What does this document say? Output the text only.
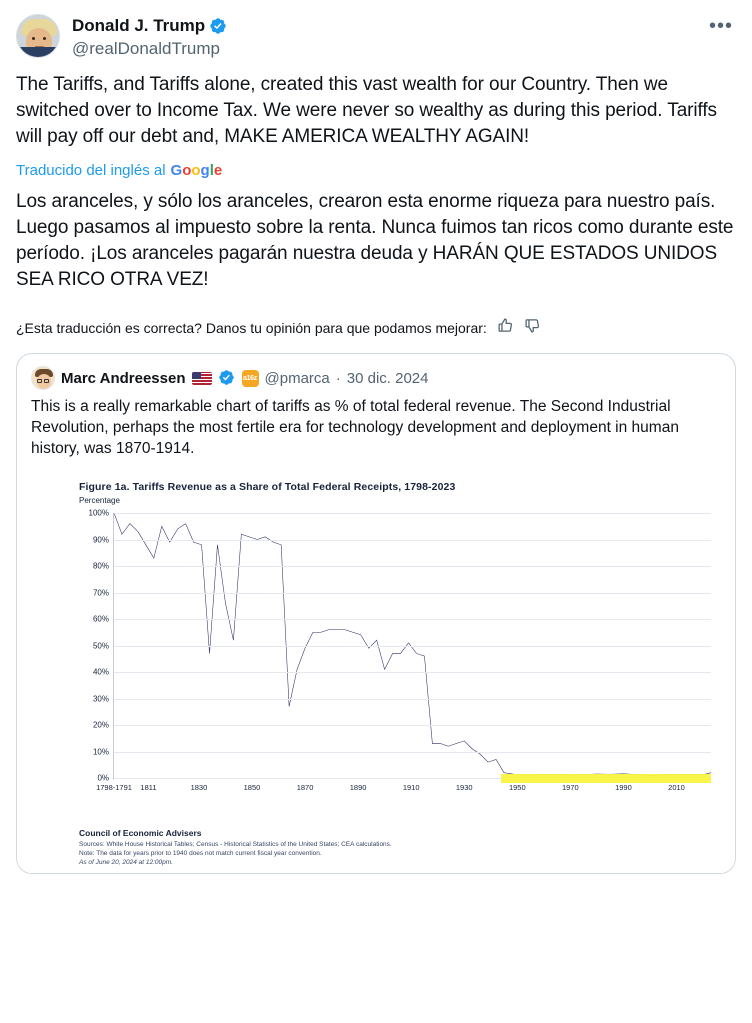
•••
Donald J. Trump
@realDonaldTrump

The Tariffs, and Tariffs alone, created this vast wealth for our Country. Then we switched over to Income Tax. We were never so wealthy as during this period. Tariffs will pay off our debt and, MAKE AMERICA WEALTHY AGAIN!

Traducido del inglés al Google

Los aranceles, y sólo los aranceles, crearon esta enorme riqueza para nuestro país. Luego pasamos al impuesto sobre la renta. Nunca fuimos tan ricos como durante este período. ¡Los aranceles pagarán nuestra deuda y HARÁN QUE ESTADOS UNIDOS SEA RICO OTRA VEZ!

¿Esta traducción es correcta? Danos tu opinión para que podamos mejorar:
Marc Andreessen	a16z @pmarca · 30 dic. 2024
This is a really remarkable chart of tariffs as % of total federal revenue. The Second Industrial Revolution, perhaps the most fertile era for technology development and deployment in human history, was 1870-1914.
Figure 1a. Tariffs Revenue as a Share of Total Federal Receipts, 1798-2023
Percentage
0%
10%
20%
30%
40%
50%
60%
70%
80%
90%
100%
1798-1791 1811	1830	1850	1870	1890	1910	1930	1950	1970	1990	2010
Council of Economic Advisers
Sources: White House Historical Tables; Census - Historical Statistics of the United States; CEA calculations.
Note: The data for years prior to 1940 does not match current fiscal year convention.
As of June 20, 2024 at 12:00pm.
